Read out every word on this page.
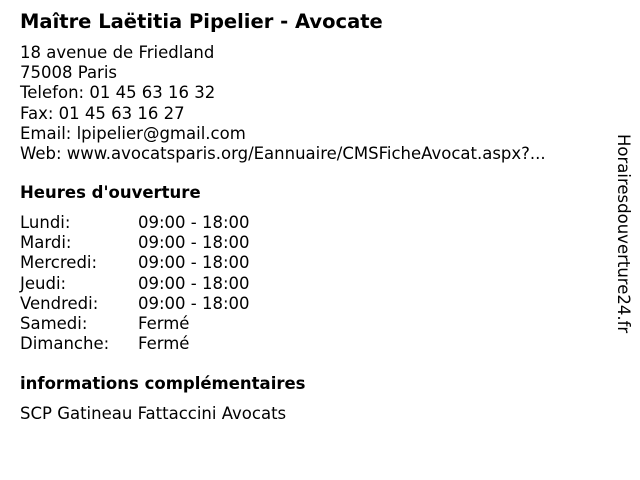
Maître Laëtitia Pipelier - Avocate
18 avenue de Friedland
75008 Paris
Telefon: 01 45 63 16 32
Fax: 01 45 63 16 27
Email: lpipelier@gmail.com
Web: www.avocatsparis.org/Eannuaire/CMSFicheAvocat.aspx?...
Heures d'ouverture
Lundi:	09:00 - 18:00
Mardi:	09:00 - 18:00
Mercredi: 09:00 - 18:00
Jeudi:	09:00 - 18:00
Vendredi: 09:00 - 18:00
Samedi:	Fermé
Dimanche: Fermé
informations complémentaires
SCP Gatineau Fattaccini Avocats
Horairesdouverture24.fr
